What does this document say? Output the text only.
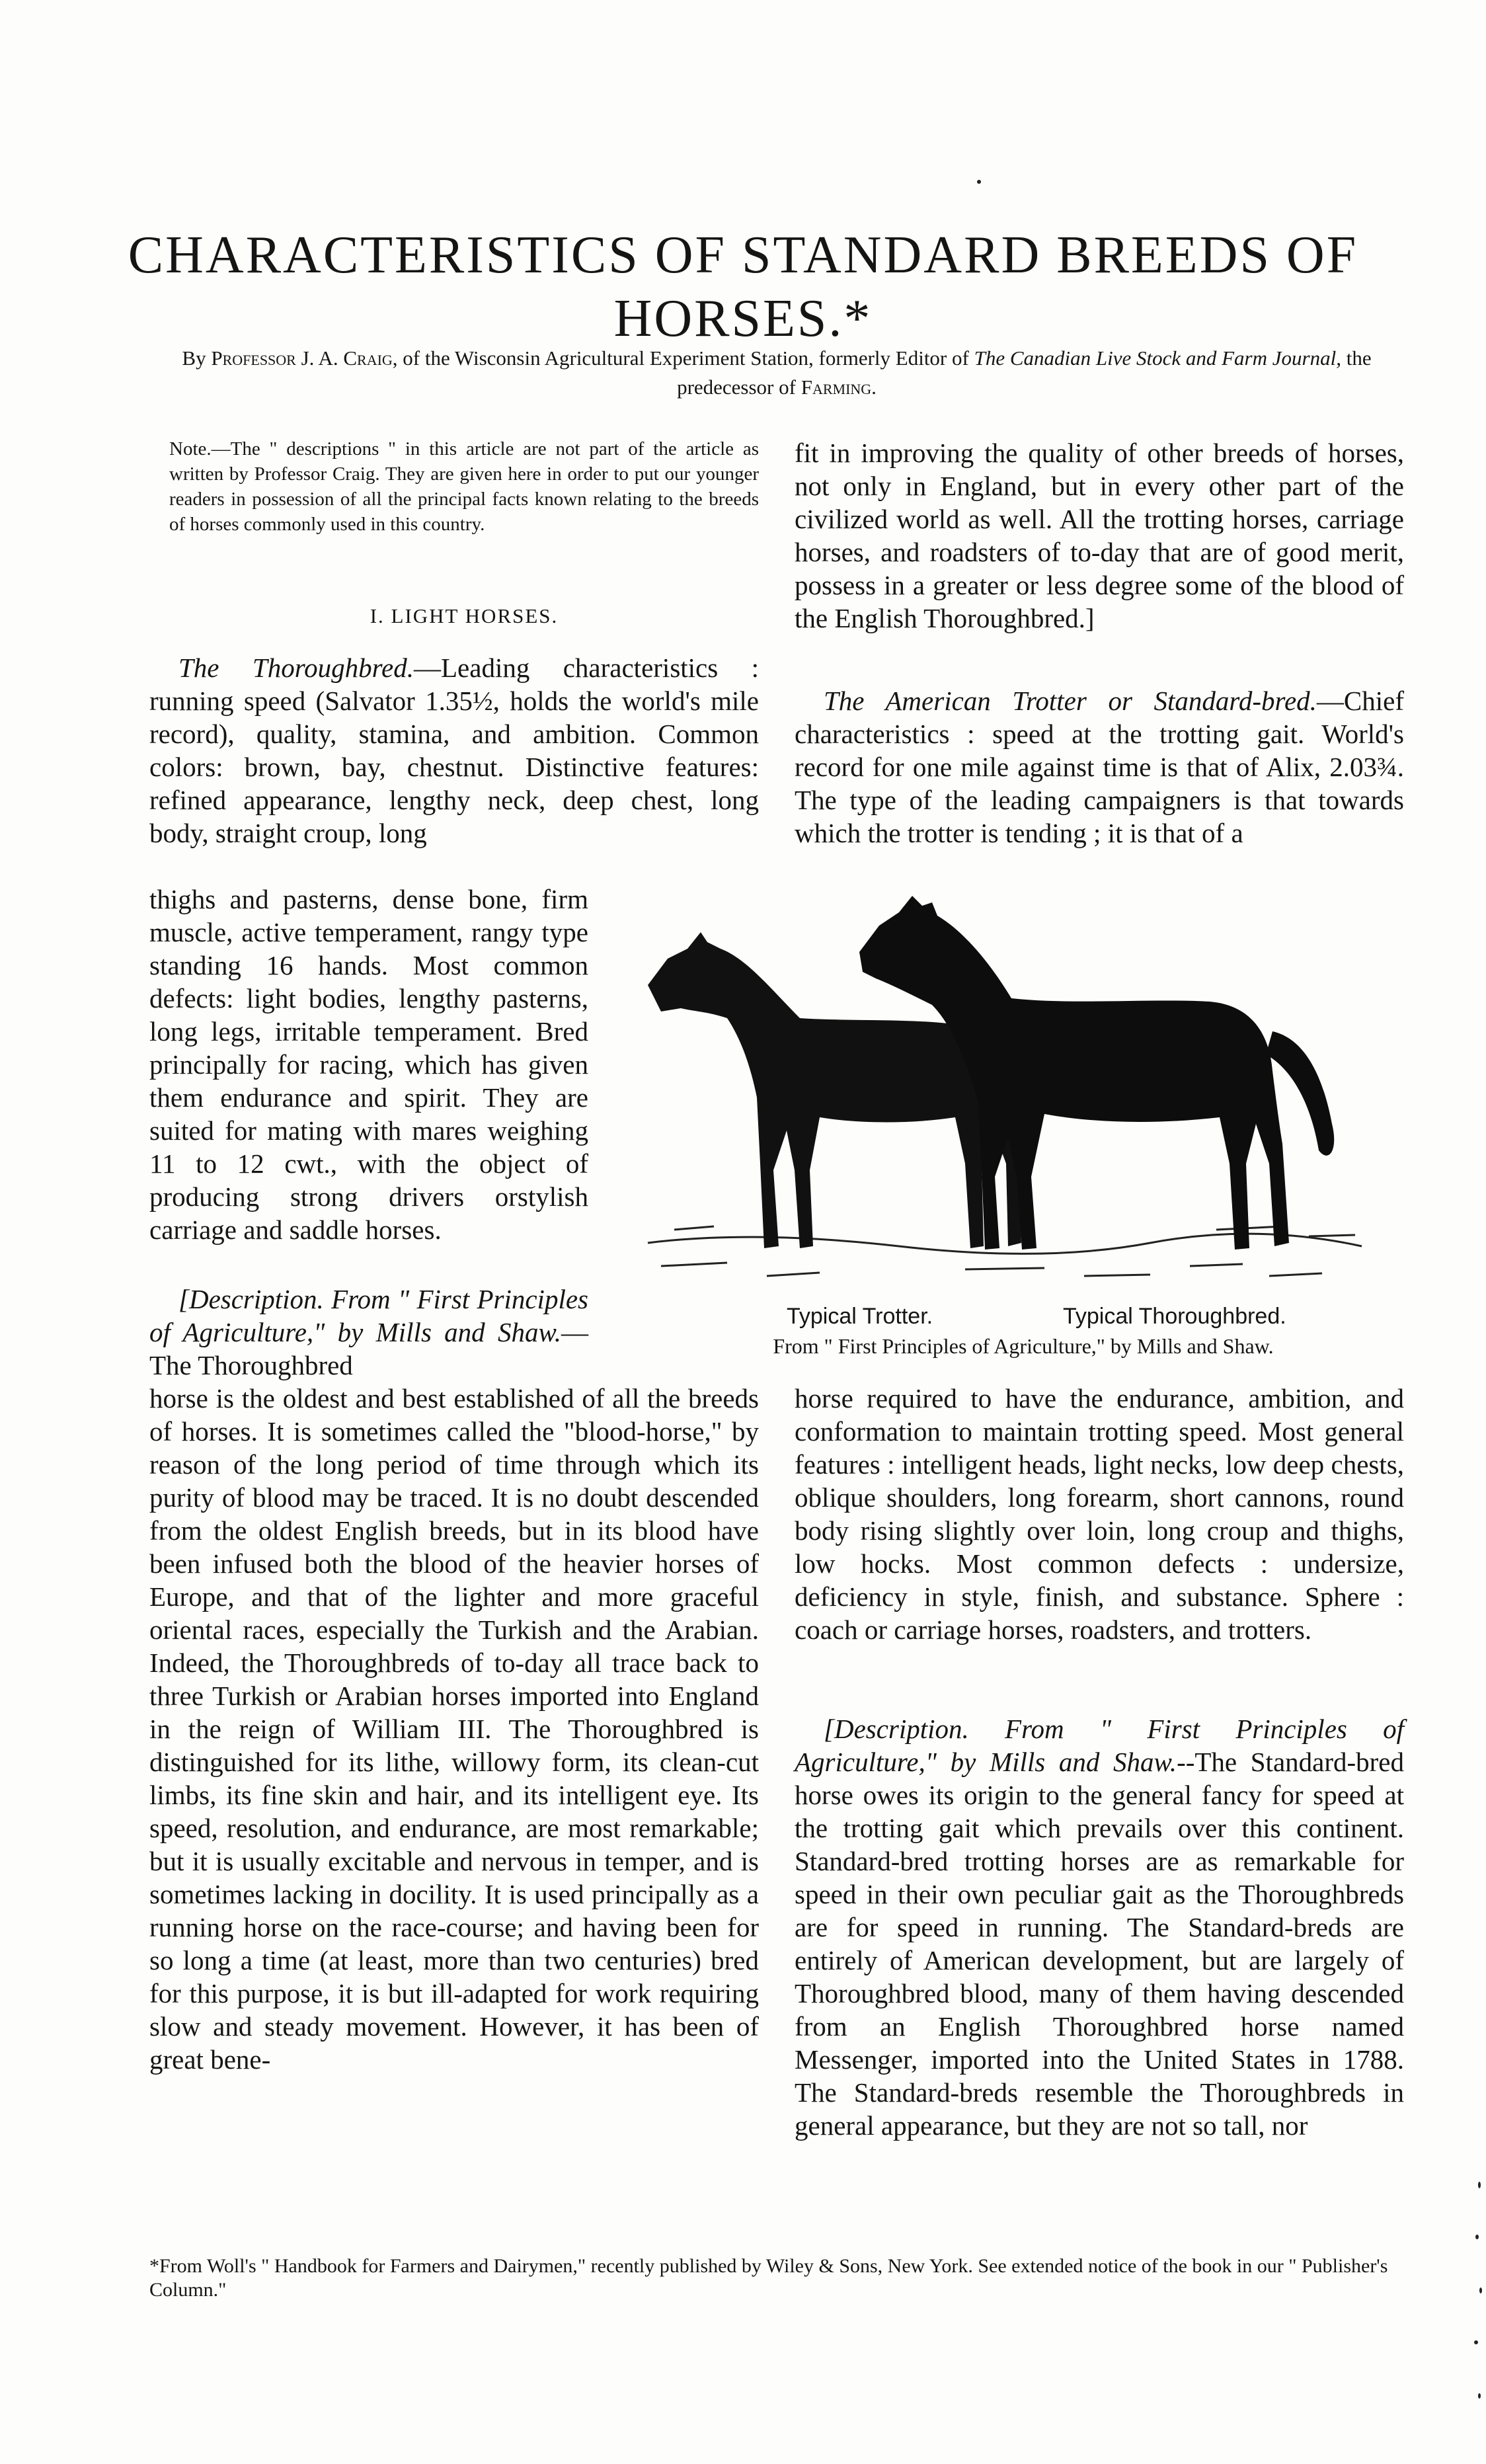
CHARACTERISTICS OF STANDARD BREEDS OF
HORSES.*
By Professor J. A. Craig, of the Wisconsin Agricultural Experiment Station, formerly Editor of The Canadian Live Stock and Farm Journal, the predecessor of Farming.
Note.—The " descriptions " in this article are not part of the article as written by Professor Craig. They are given here in order to put our younger readers in possession of all the principal facts known relating to the breeds of horses commonly used in this country.
I. LIGHT HORSES.

The Thoroughbred.—Leading characteristics : running speed (Salvator 1.35½, holds the world's mile record), quality, stamina, and ambition. Common colors: brown, bay, chestnut. Distinctive features: refined appearance, lengthy neck, deep chest, long body, straight croup, long

thighs and pasterns, dense bone, firm muscle, active temperament, rangy type standing 16 hands. Most common defects: light bodies, lengthy pasterns, long legs, irritable temperament. Bred principally for racing, which has given them endurance and spirit. They are suited for mating with mares weighing 11 to 12 cwt., with the object of producing strong drivers orstylish carriage and saddle horses.

[Description. From " First Principles of Agriculture," by Mills and Shaw.— The Thoroughbred

horse is the oldest and best established of all the breeds of horses. It is sometimes called the "blood-horse," by reason of the long period of time through which its purity of blood may be traced. It is no doubt descended from the oldest English breeds, but in its blood have been infused both the blood of the heavier horses of Europe, and that of the lighter and more graceful oriental races, especially the Turkish and the Arabian. Indeed, the Thoroughbreds of to-day all trace back to three Turkish or Arabian horses imported into England in the reign of William III. The Thoroughbred is distinguished for its lithe, willowy form, its clean-cut limbs, its fine skin and hair, and its intelligent eye. Its speed, resolution, and endurance, are most remarkable; but it is usually excitable and nervous in temper, and is sometimes lacking in docility. It is used principally as a running horse on the race-course; and having been for so long a time (at least, more than two centuries) bred for this purpose, it is but ill-adapted for work requiring slow and steady movement. However, it has been of great bene-

fit in improving the quality of other breeds of horses, not only in England, but in every other part of the civilized world as well. All the trotting horses, carriage horses, and roadsters of to-day that are of good merit, possess in a greater or less degree some of the blood of the English Thoroughbred.]

The American Trotter or Standard-bred.—Chief characteristics : speed at the trotting gait. World's record for one mile against time is that of Alix, 2.03¾. The type of the leading campaigners is that towards which the trotter is tending ; it is that of a

horse required to have the endurance, ambition, and conformation to maintain trotting speed. Most general features : intelligent heads, light necks, low deep chests, oblique shoulders, long forearm, short cannons, round body rising slightly over loin, long croup and thighs, low hocks. Most common defects : undersize, deficiency in style, finish, and substance. Sphere : coach or carriage horses, roadsters, and trotters.

[Description. From " First Principles of Agriculture," by Mills and Shaw.--The Standard-bred horse owes its origin to the general fancy for speed at the trotting gait which prevails over this continent. Standard-bred trotting horses are as remarkable for speed in their own peculiar gait as the Thoroughbreds are for speed in running. The Standard-breds are entirely of American development, but are largely of Thoroughbred blood, many of them having descended from an English Thoroughbred horse named Messenger, imported into the United States in 1788. The Standard-breds resemble the Thoroughbreds in general appearance, but they are not so tall, nor

Typical Trotter.	Typical Thoroughbred.
From " First Principles of Agriculture," by Mills and Shaw.
*From Woll's " Handbook for Farmers and Dairymen," recently published by Wiley & Sons, New York. See extended notice of the book in our " Publisher's Column."
